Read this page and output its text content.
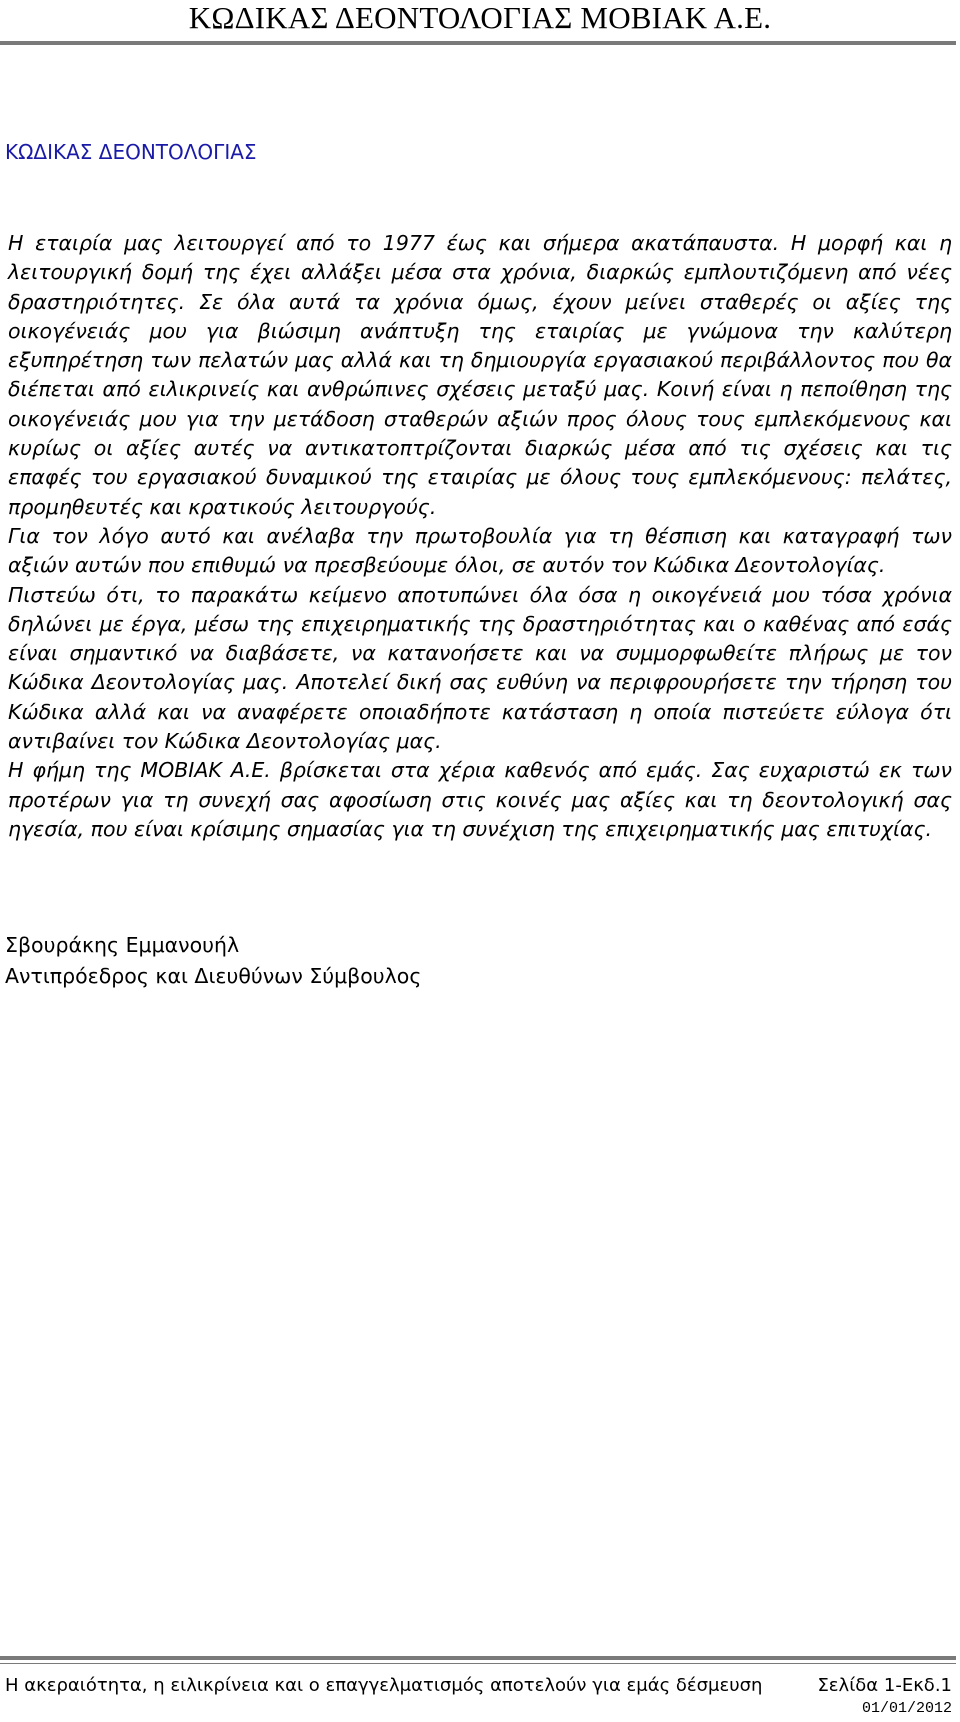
ΚΩΔΙΚΑΣ ΔΕΟΝΤΟΛΟΓΙΑΣ ΜΟΒΙΑΚ Α.Ε.
ΚΩΔΙΚΑΣ ΔΕΟΝΤΟΛΟΓΙΑΣ

Η εταιρία μας λειτουργεί από το 1977 έως και σήμερα ακατάπαυστα. Η μορφή και η λειτουργική δομή της έχει αλλάξει μέσα στα χρόνια, διαρκώς εμπλουτιζόμενη από νέες δραστηριότητες. Σε όλα αυτά τα χρόνια όμως, έχουν μείνει σταθερές οι αξίες της οικογένειάς μου για βιώσιμη ανάπτυξη της εταιρίας με γνώμονα την καλύτερη εξυπηρέτηση των πελατών μας αλλά και τη δημιουργία εργασιακού περιβάλλοντος που θα διέπεται από ειλικρινείς και ανθρώπινες σχέσεις μεταξύ μας. Κοινή είναι η πεποίθηση της οικογένειάς μου για την μετάδοση σταθερών αξιών προς όλους τους εμπλεκόμενους και κυρίως οι αξίες αυτές να αντικατοπτρίζονται διαρκώς μέσα από τις σχέσεις και τις επαφές του εργασιακού δυναμικού της εταιρίας με όλους τους εμπλεκόμενους: πελάτες, προμηθευτές και κρατικούς λειτουργούς.

Για τον λόγο αυτό και ανέλαβα την πρωτοβουλία για τη θέσπιση και καταγραφή των αξιών αυτών που επιθυμώ να πρεσβεύουμε όλοι, σε αυτόν τον Κώδικα Δεοντολογίας.

Πιστεύω ότι, το παρακάτω κείμενο αποτυπώνει όλα όσα η οικογένειά μου τόσα χρόνια δηλώνει με έργα, μέσω της επιχειρηματικής της δραστηριότητας και ο καθένας από εσάς είναι σημαντικό να διαβάσετε, να κατανοήσετε και να συμμορφωθείτε πλήρως με τον Κώδικα Δεοντολογίας μας. Αποτελεί δική σας ευθύνη να περιφρουρήσετε την τήρηση του Κώδικα αλλά και να αναφέρετε οποιαδήποτε κατάσταση η οποία πιστεύετε εύλογα ότι αντιβαίνει τον Κώδικα Δεοντολογίας μας.

Η φήμη της ΜΟΒΙΑΚ Α.Ε. βρίσκεται στα χέρια καθενός από εμάς. Σας ευχαριστώ εκ των προτέρων για τη συνεχή σας αφοσίωση στις κοινές μας αξίες και τη δεοντολογική σας ηγεσία, που είναι κρίσιμης σημασίας για τη συνέχιση της επιχειρηματικής μας επιτυχίας.

Σβουράκης Εμμανουήλ
Αντιπρόεδρος και Διευθύνων Σύμβουλος
Η ακεραιότητα, η ειλικρίνεια και ο επαγγελματισμός αποτελούν για εμάς δέσμευση	Σελίδα 1-Εκδ.1
01/01/2012
